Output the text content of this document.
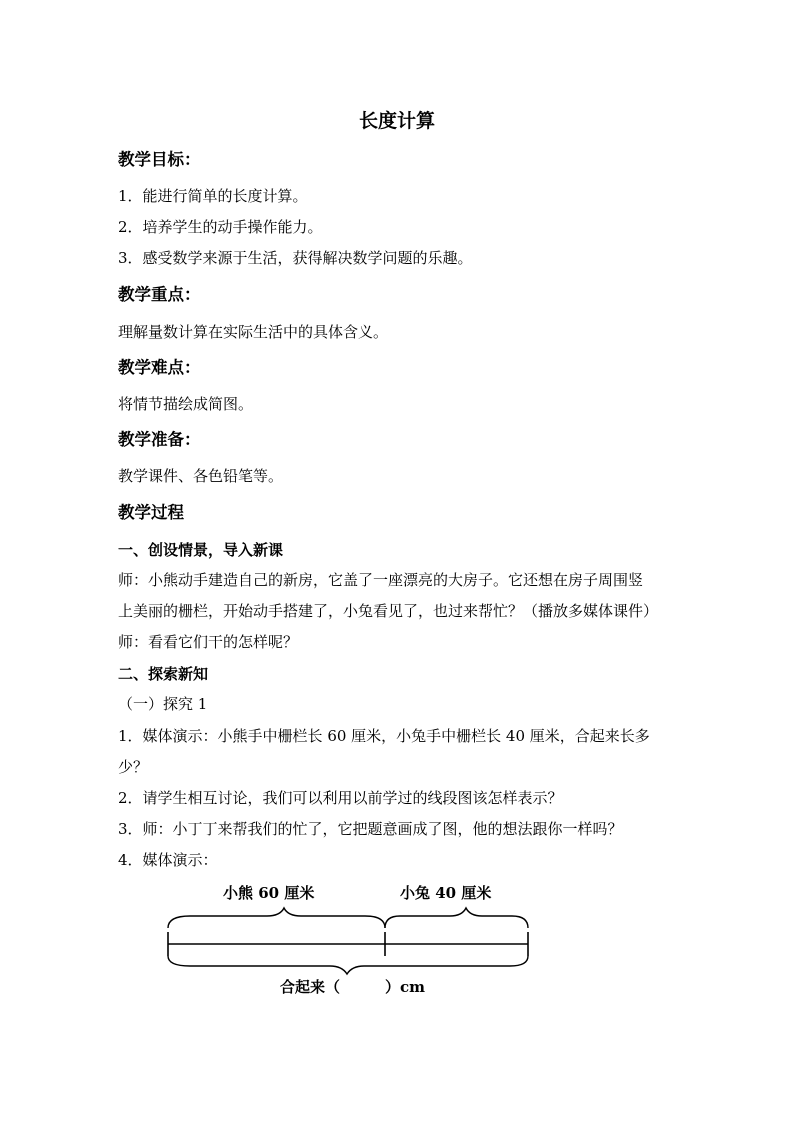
长度计算
教学目标：
1．能进行简单的长度计算。
2．培养学生的动手操作能力。
3．感受数学来源于生活，获得解决数学问题的乐趣。
教学重点：
理解量数计算在实际生活中的具体含义。
教学难点：
将情节描绘成简图。
教学准备：
教学课件、各色铅笔等。
教学过程
一、创设情景，导入新课
师：小熊动手建造自己的新房，它盖了一座漂亮的大房子。它还想在房子周围竖
上美丽的栅栏，开始动手搭建了，小兔看见了，也过来帮忙？（播放多媒体课件）
师：看看它们干的怎样呢？
二、探索新知
（一）探究 1
1．媒体演示：小熊手中栅栏长 60 厘米，小兔手中栅栏长 40 厘米，合起来长多
少？
2．请学生相互讨论，我们可以利用以前学过的线段图该怎样表示？
3．师：小丁丁来帮我们的忙了，它把题意画成了图，他的想法跟你一样吗？
4．媒体演示：
小熊 60 厘米	小兔 40 厘米
合起来（　　　）cm
